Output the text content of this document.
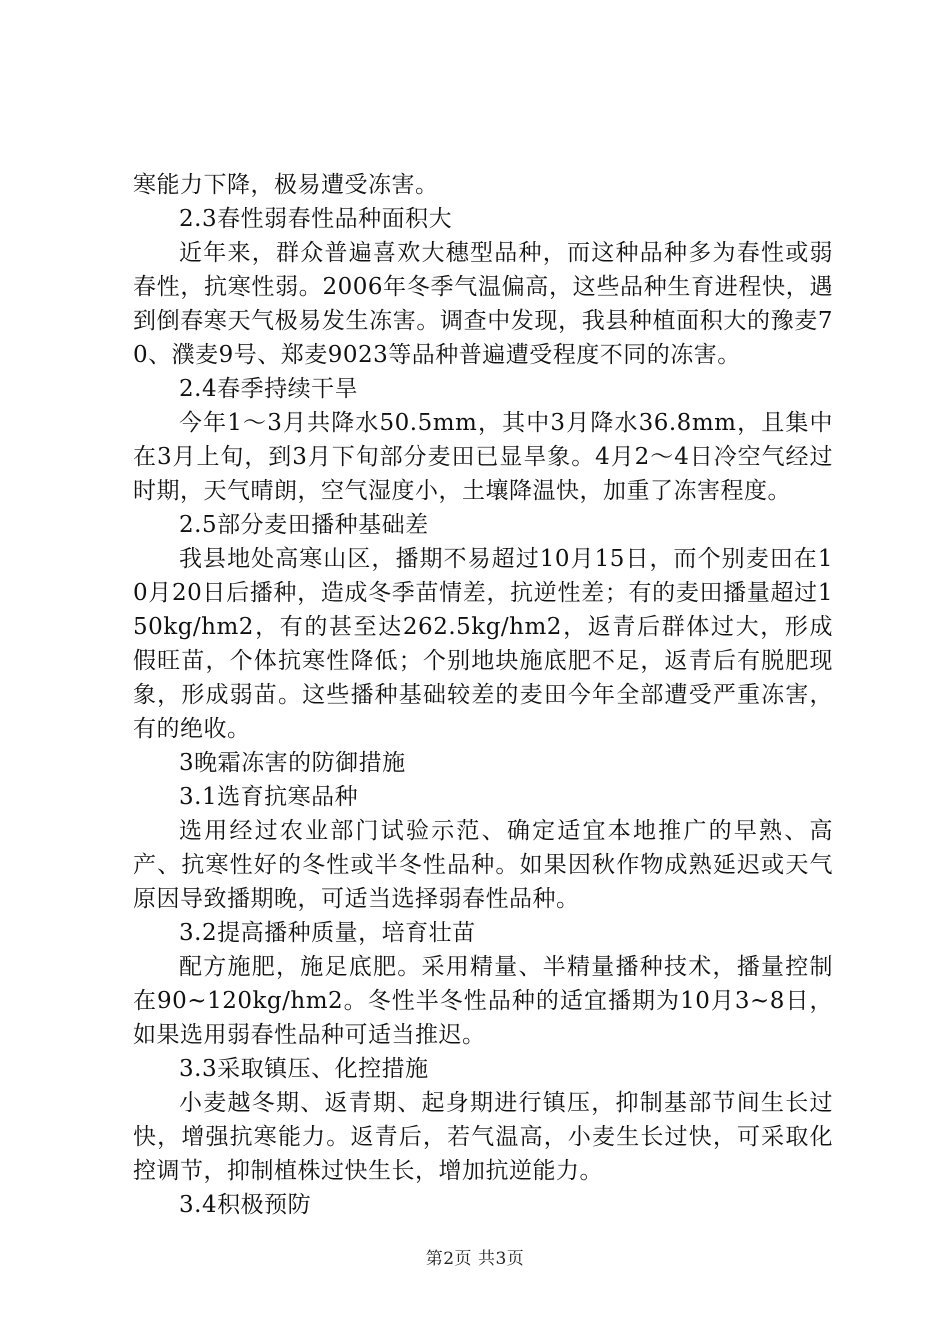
寒能力下降，极易遭受冻害。

2.3春性弱春性品种面积大

近年来，群众普遍喜欢大穗型品种，而这种品种多为春性或弱春性，抗寒性弱。2006年冬季气温偏高，这些品种生育进程快，遇到倒春寒天气极易发生冻害。调查中发现，我县种植面积大的豫麦70、濮麦9号、郑麦9023等品种普遍遭受程度不同的冻害。

2.4春季持续干旱

今年1～3月共降水50.5mm，其中3月降水36.8mm，且集中在3月上旬，到3月下旬部分麦田已显旱象。4月2～4日冷空气经过时期，天气晴朗，空气湿度小，土壤降温快，加重了冻害程度。

2.5部分麦田播种基础差

我县地处高寒山区，播期不易超过10月15日，而个别麦田在10月20日后播种，造成冬季苗情差，抗逆性差；有的麦田播量超过150kg/hm2，有的甚至达262.5kg/hm2，返青后群体过大，形成假旺苗，个体抗寒性降低；个别地块施底肥不足，返青后有脱肥现象，形成弱苗。这些播种基础较差的麦田今年全部遭受严重冻害，有的绝收。

3晚霜冻害的防御措施

3.1选育抗寒品种

选用经过农业部门试验示范、确定适宜本地推广的早熟、高产、抗寒性好的冬性或半冬性品种。如果因秋作物成熟延迟或天气原因导致播期晚，可适当选择弱春性品种。

3.2提高播种质量，培育壮苗

配方施肥，施足底肥。采用精量、半精量播种技术，播量控制在90~120kg/hm2。冬性半冬性品种的适宜播期为10月3~8日，如果选用弱春性品种可适当推迟。

3.3采取镇压、化控措施

小麦越冬期、返青期、起身期进行镇压，抑制基部节间生长过快，增强抗寒能力。返青后，若气温高，小麦生长过快，可采取化控调节，抑制植株过快生长，增加抗逆能力。

3.4积极预防

第2页 共3页
